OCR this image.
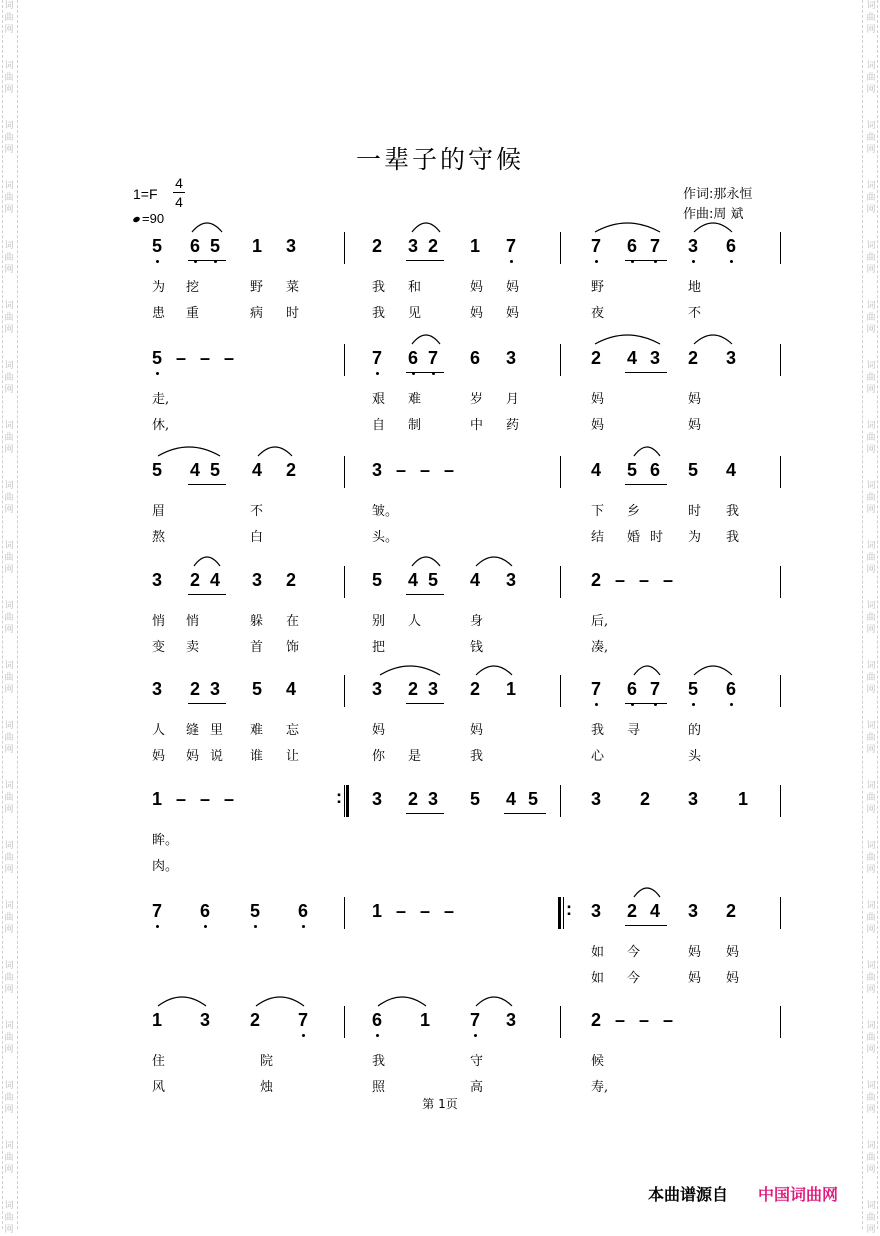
一辈子的守候
1=F
4
4
=90
作词:那永恒
作曲:周 斌
5 6 5 1 3	2 3 2 1 7	7 6 7 3 6
为 挖	野 菜	我 和	妈 妈	野	地
患 重	病 时	我 见	妈 妈	夜	不
5 – – –	7 6 7 6 3	2 4 3 2 3
走,	艰 难	岁 月	妈	妈
休,	自 制	中 药	妈	妈
5 4 5 4 2	3 – – –	4 5 6 5 4
眉	不	皱。	下 乡	时 我
熬	白	头。	结 婚 时 为 我
3 2 4 3 2	5 4 5 4 3	2 – – –
悄 悄	躲 在	别 人	身	后,
变 卖	首 饰	把	钱	凑,
3 2 3 5 4	3 2 3 2 1	7 6 7 5 6
人 缝 里 难 忘	妈	妈	我 寻	的
妈 妈 说 谁 让	你 是	我	心	头
1 – – –	: 3 2 3 5 4 5	3 2 3 1
眸。
肉。
7 6 5 6	1 – – –	: 3 2 4 3 2
如 今	妈 妈
如 今	妈 妈
1 3 2 7	6 1 7 3	2 – – –
住	院	我	守	候
风	烛	照	高	寿,
第 1页
本曲谱源自 中国词曲网
词
曲
网
词
曲
网
词
曲
网
词
曲
网
词
曲
网
词
曲
网
词
曲
网
词
曲
网
词
曲
网
词
曲
网
词
曲
网
词
曲
网
词
曲
网
词
曲
网
词
曲
网
词
曲
网
词
曲
网
词
曲
网
词
曲
网
词
曲
网
词
曲
网
词
曲
网
词
曲
网
词
曲
网
词
曲
网
词
曲
网
词
曲
网
词
曲
网
词
曲
网
词
曲
网
词
曲
网
词
曲
网
词
曲
网
词
曲
网
词
曲
网
词
曲
网
词
曲
网
词
曲
网
词
曲
网
词
曲
网
词
曲
网
词
曲
网
